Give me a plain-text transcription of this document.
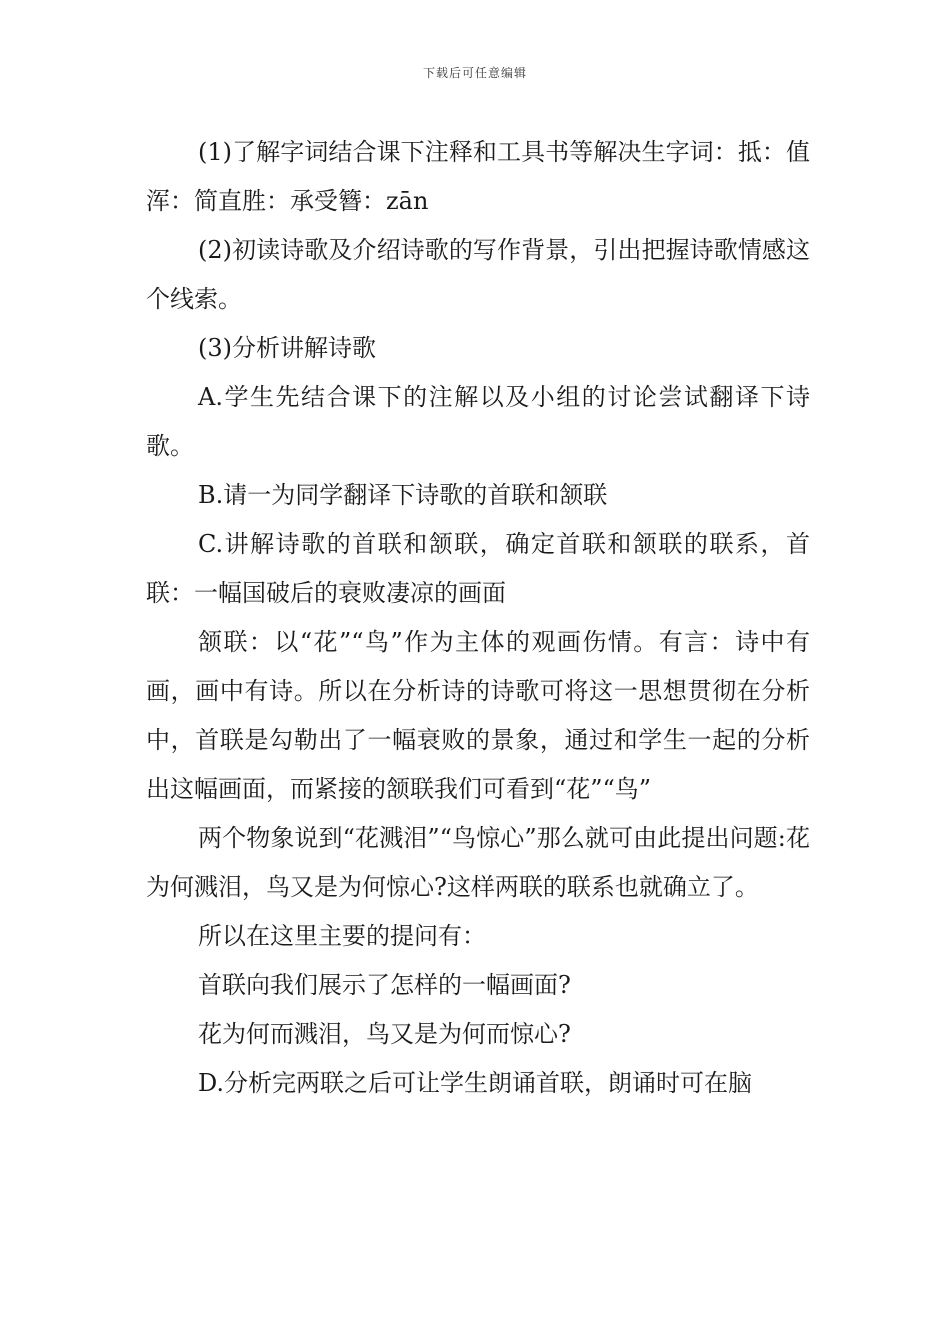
下载后可任意编辑

(1)了解字词结合课下注释和工具书等解决生字词：抵：值浑：简直胜：承受簪：zān

(2)初读诗歌及介绍诗歌的写作背景，引出把握诗歌情感这个线索。

(3)分析讲解诗歌

A.学生先结合课下的注解以及小组的讨论尝试翻译下诗歌。

B.请一为同学翻译下诗歌的首联和颔联

C.讲解诗歌的首联和颔联，确定首联和颔联的联系，首联：一幅国破后的衰败凄凉的画面

颔联：以“花”“鸟”作为主体的观画伤情。有言：诗中有画，画中有诗。所以在分析诗的诗歌可将这一思想贯彻在分析中，首联是勾勒出了一幅衰败的景象，通过和学生一起的分析出这幅画面，而紧接的颔联我们可看到“花”“鸟”

两个物象说到“花溅泪”“鸟惊心”那么就可由此提出问题:花为何溅泪，鸟又是为何惊心?这样两联的联系也就确立了。

所以在这里主要的提问有：

首联向我们展示了怎样的一幅画面?

花为何而溅泪，鸟又是为何而惊心?

D.分析完两联之后可让学生朗诵首联，朗诵时可在脑
